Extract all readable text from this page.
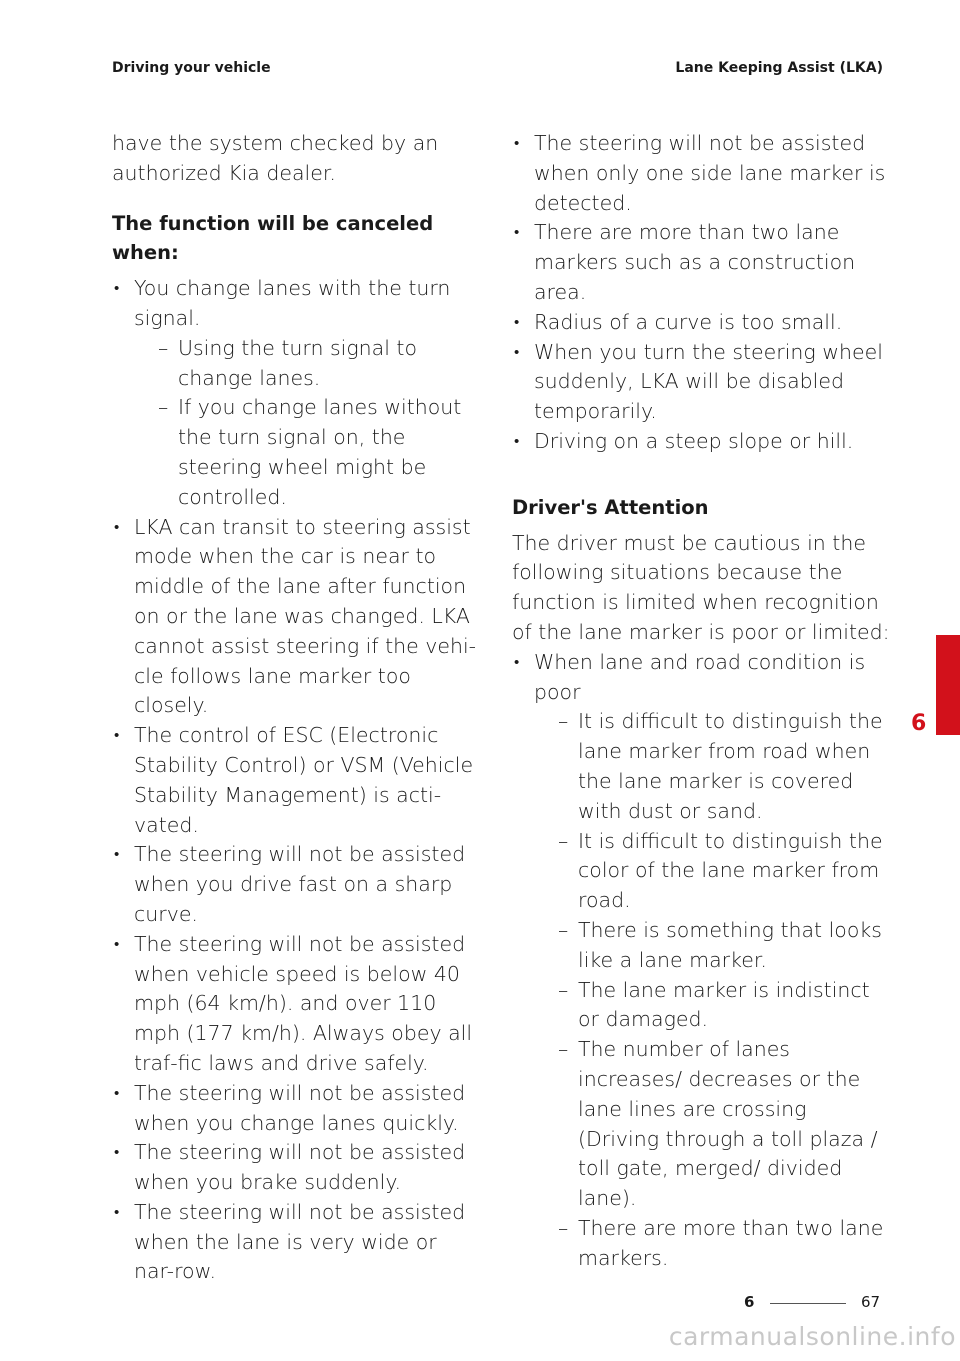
Driving your vehicle	Lane Keeping Assist (LKA)

have the system checked by an authorized Kia dealer.

The function will be canceled when:
• You change lanes with the turn signal.
– Using the turn signal to change lanes.
– If you change lanes without the turn signal on, the steering wheel might be controlled.
• LKA can transit to steering assist mode when the car is near to middle of the lane after function on or the lane was changed. LKA cannot assist steering if the vehi-cle follows lane marker too closely.
• The control of ESC (Electronic Stability Control) or VSM (Vehicle Stability Management) is acti-vated.
• The steering will not be assisted when you drive fast on a sharp curve.
• The steering will not be assisted when vehicle speed is below 40 mph (64 km/h). and over 110 mph (177 km/h). Always obey all traf-fic laws and drive safely.
• The steering will not be assisted when you change lanes quickly.
• The steering will not be assisted when you brake suddenly.
• The steering will not be assisted when the lane is very wide or nar-row.
• The steering will not be assisted when only one side lane marker is detected.
• There are more than two lane markers such as a construction area.
• Radius of a curve is too small.
• When you turn the steering wheel suddenly, LKA will be disabled temporarily.
• Driving on a steep slope or hill.
Driver's Attention

The driver must be cautious in the following situations because the function is limited when recognition of the lane marker is poor or limited:

• When lane and road condition is poor
– It is difficult to distinguish the lane marker from road when the lane marker is covered with dust or sand.
– It is difficult to distinguish the color of the lane marker from road.
– There is something that looks like a lane marker.
– The lane marker is indistinct or damaged.
– The number of lanes increases/ decreases or the lane lines are crossing (Driving through a toll plaza / toll gate, merged/ divided lane).
– There are more than two lane markers.
6
6	67
carmanualsonline.info
